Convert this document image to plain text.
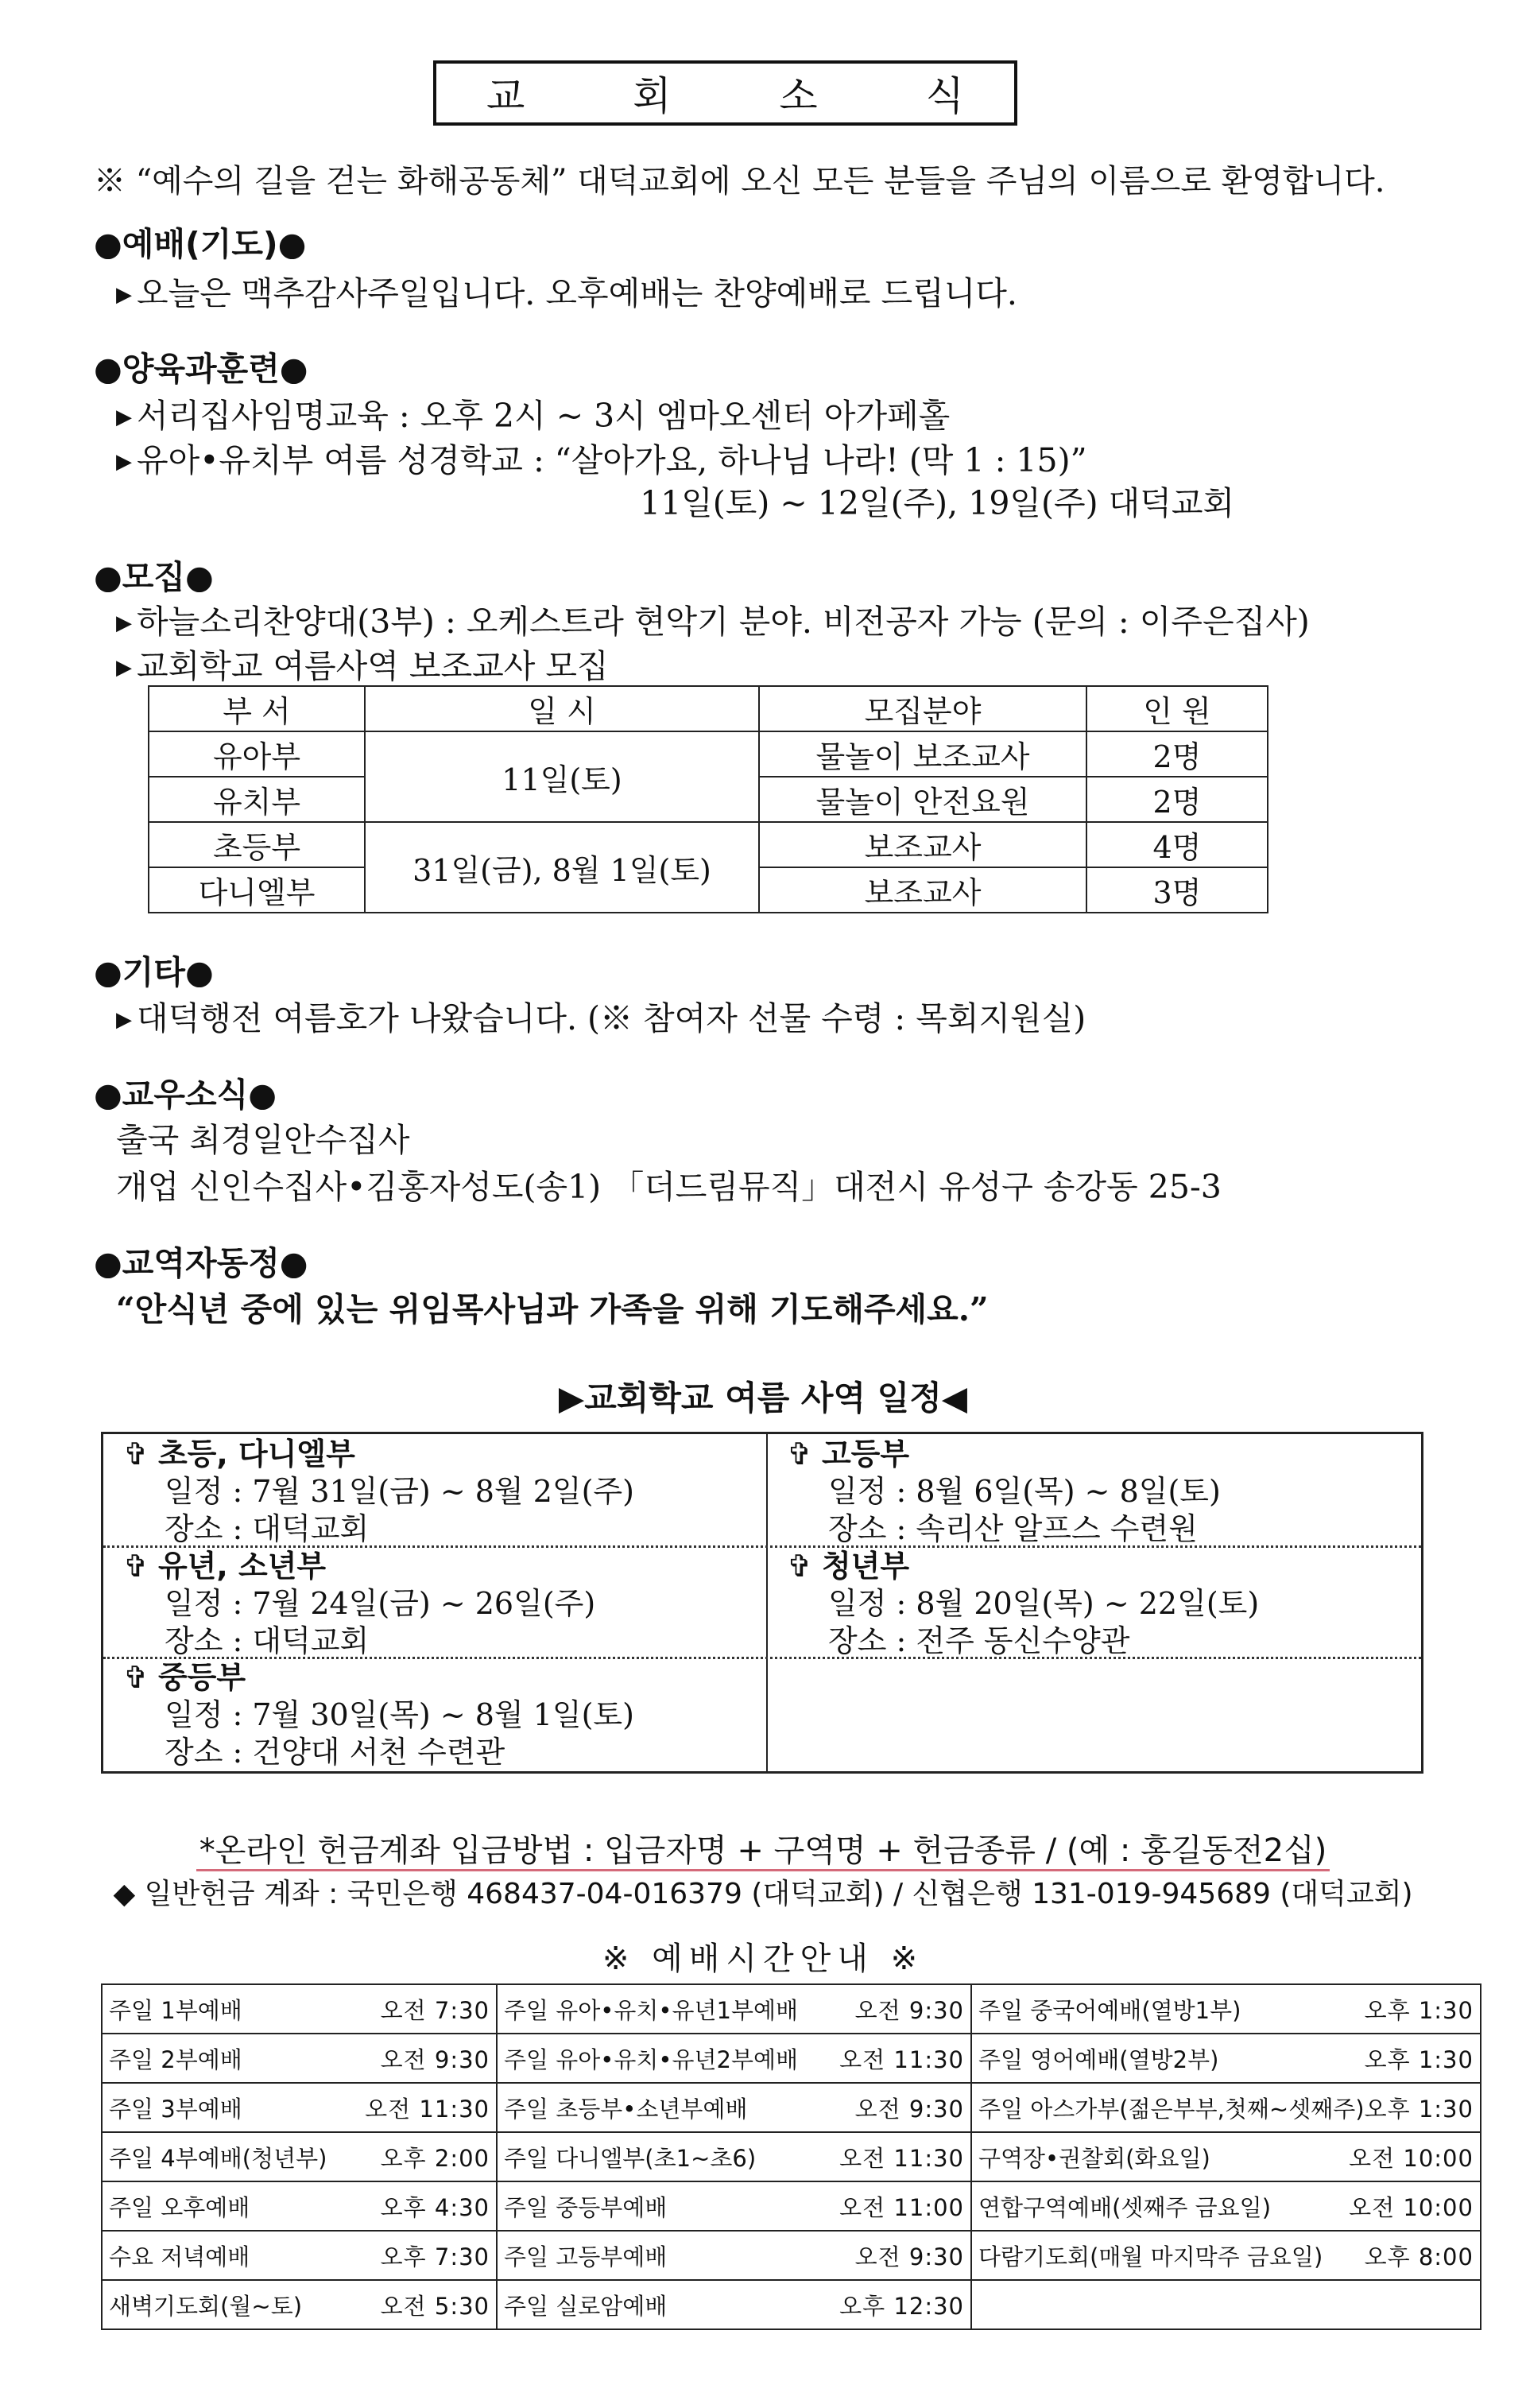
교 회 소 식
※ “예수의 길을 걷는 화해공동체” 대덕교회에 오신 모든 분들을 주님의 이름으로 환영합니다.
●예배(기도)●
▶ 오늘은 맥추감사주일입니다. 오후예배는 찬양예배로 드립니다.
●양육과훈련●
▶ 서리집사임명교육 : 오후 2시 ~ 3시 엠마오센터 아가페홀
▶ 유아•유치부 여름 성경학교 : “살아가요, 하나님 나라! (막 1 : 15)”
11일(토) ~ 12일(주), 19일(주) 대덕교회
●모집●
▶ 하늘소리찬양대(3부) : 오케스트라 현악기 분야. 비전공자 가능 (문의 : 이주은집사)
▶ 교회학교 여름사역 보조교사 모집
부 서	일 시	모집분야	인 원
유아부	11일(토)	물놀이 보조교사	2명
유치부		물놀이 안전요원	2명
초등부	31일(금), 8월 1일(토)	보조교사	4명
다니엘부		보조교사	3명
●기타●
▶ 대덕행전 여름호가 나왔습니다. (※ 참여자 선물 수령 : 목회지원실)
●교우소식●
출국 최경일안수집사
개업 신인수집사•김홍자성도(송1) 「더드림뮤직」대전시 유성구 송강동 25-3
●교역자동정●
“안식년 중에 있는 위임목사님과 가족을 위해 기도해주세요.”
▶교회학교 여름 사역 일정◀
✞ 초등, 다니엘부
일정 : 7월 31일(금) ~ 8월 2일(주)
장소 : 대덕교회
✞ 고등부
일정 : 8월 6일(목) ~ 8일(토)
장소 : 속리산 알프스 수련원
✞ 유년, 소년부
일정 : 7월 24일(금) ~ 26일(주)
장소 : 대덕교회
✞ 청년부
일정 : 8월 20일(목) ~ 22일(토)
장소 : 전주 동신수양관
✞ 중등부
일정 : 7월 30일(목) ~ 8월 1일(토)
장소 : 건양대 서천 수련관
*온라인 헌금계좌 입금방법 : 입금자명 + 구역명 + 헌금종류 / (예 : 홍길동전2십)
◆ 일반헌금 계좌 : 국민은행 468437-04-016379 (대덕교회) / 신협은행 131-019-945689 (대덕교회)
※ 예배시간안내 ※
주일 1부예배 오전 7:30	주일 유아•유치•유년1부예배 오전 9:30	주일 중국어예배(열방1부) 오후 1:30

주일 2부예배 오전 9:30	주일 유아•유치•유년2부예배 오전 11:30	주일 영어예배(열방2부) 오후 1:30

주일 3부예배 오전 11:30	주일 초등부•소년부예배 오전 9:30	주일 아스가부(젊은부부,첫째~셋째주) 오후 1:30

주일 4부예배(청년부) 오후 2:00	주일 다니엘부(초1~초6) 오전 11:30	구역장•권찰회(화요일) 오전 10:00

주일 오후예배 오후 4:30	주일 중등부예배 오전 11:00	연합구역예배(셋째주 금요일) 오전 10:00

수요 저녁예배 오후 7:30	주일 고등부예배 오전 9:30	다람기도회(매월 마지막주 금요일) 오후 8:00

새벽기도회(월~토) 오전 5:30	주일 실로암예배 오후 12:30	
